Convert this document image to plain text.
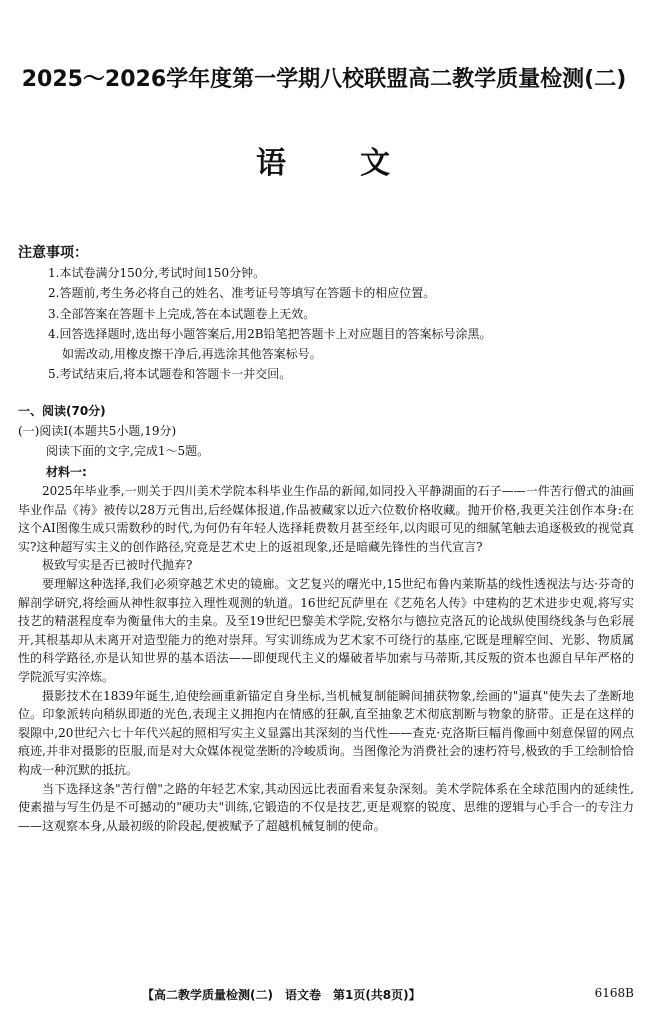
2025～2026学年度第一学期八校联盟高二教学质量检测(二)
语 文
注意事项：
1.本试卷满分150分,考试时间150分钟。
2.答题前,考生务必将自己的姓名、准考证号等填写在答题卡的相应位置。
3.全部答案在答题卡上完成,答在本试题卷上无效。
4.回答选择题时,选出每小题答案后,用2B铅笔把答题卡上对应题目的答案标号涂黑。
如需改动,用橡皮擦干净后,再选涂其他答案标号。
5.考试结束后,将本试题卷和答题卡一并交回。
一、阅读(70分)
(一)阅读Ⅰ(本题共5小题,19分)
阅读下面的文字,完成1～5题。
材料一:

2025年毕业季,一则关于四川美术学院本科毕业生作品的新闻,如同投入平静湖面的石子——一件苦行僧式的油画毕业作品《祷》被传以28万元售出,后经媒体报道,作品被藏家以近六位数价格收藏。抛开价格,我更关注创作本身:在这个AI图像生成只需数秒的时代,为何仍有年轻人选择耗费数月甚至经年,以肉眼可见的细腻笔触去追逐极致的视觉真实?这种超写实主义的创作路径,究竟是艺术史上的返祖现象,还是暗藏先锋性的当代宣言?

极致写实是否已被时代抛弃?

要理解这种选择,我们必须穿越艺术史的镜廊。文艺复兴的曙光中,15世纪布鲁内莱斯基的线性透视法与达·芬奇的解剖学研究,将绘画从神性叙事拉入理性观测的轨道。16世纪瓦萨里在《艺苑名人传》中建构的艺术进步史观,将写实技艺的精湛程度奉为衡量伟大的圭臬。及至19世纪巴黎美术学院,安格尔与德拉克洛瓦的论战纵使围绕线条与色彩展开,其根基却从未离开对造型能力的绝对崇拜。写实训练成为艺术家不可绕行的基座,它既是理解空间、光影、物质属性的科学路径,亦是认知世界的基本语法——即便现代主义的爆破者毕加索与马蒂斯,其反叛的资本也源自早年严格的学院派写实淬炼。

摄影技术在1839年诞生,迫使绘画重新锚定自身坐标,当机械复制能瞬间捕获物象,绘画的"逼真"使失去了垄断地位。印象派转向稍纵即逝的光色,表现主义拥抱内在情感的狂飙,直至抽象艺术彻底割断与物象的脐带。正是在这样的裂隙中,20世纪六七十年代兴起的照相写实主义显露出其深刻的当代性——查克·克洛斯巨幅肖像画中刻意保留的网点痕迹,并非对摄影的臣服,而是对大众媒体视觉垄断的冷峻质询。当图像沦为消费社会的速朽符号,极致的手工绘制恰恰构成一种沉默的抵抗。

当下选择这条"苦行僧"之路的年轻艺术家,其动因远比表面看来复杂深刻。美术学院体系在全球范围内的延续性,使素描与写生仍是不可撼动的"硬功夫"训练,它锻造的不仅是技艺,更是观察的锐度、思维的逻辑与心手合一的专注力——这观察本身,从最初级的阶段起,便被赋予了超越机械复制的使命。

【高二教学质量检测(二)　语文卷　第1页(共8页)】	6168B
